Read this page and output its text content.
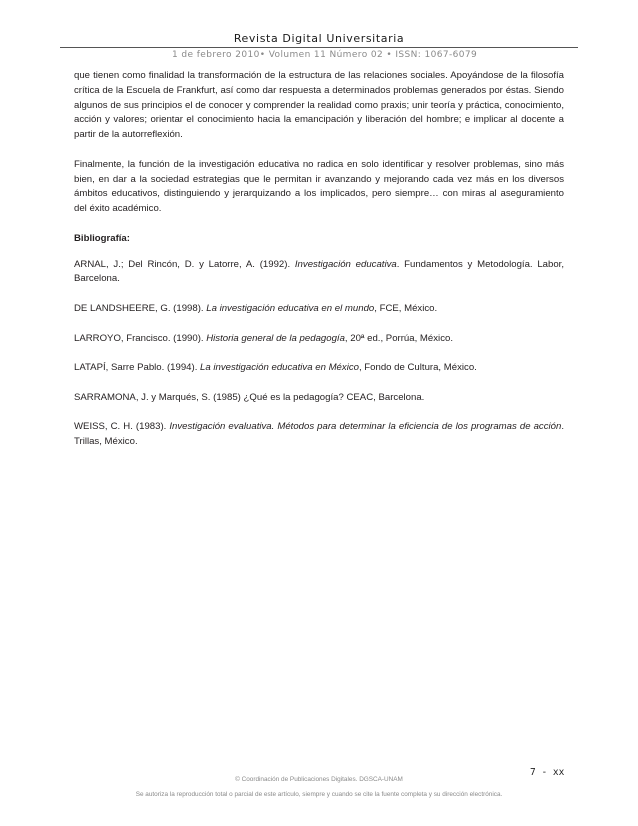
Revista Digital Universitaria
1 de febrero 2010• Volumen 11 Número 02 • ISSN: 1067-6079

que tienen como finalidad la transformación de la estructura de las relaciones sociales. Apoyándose de la filosofía crítica de la Escuela de Frankfurt, así como dar respuesta a determinados problemas generados por éstas. Siendo algunos de sus principios el de conocer y comprender la realidad como praxis; unir teoría y práctica, conocimiento, acción y valores; orientar el conocimiento hacia la emancipación y liberación del hombre; e implicar al docente a partir de la autorreflexión.

Finalmente, la función de la investigación educativa no radica en solo identificar y resolver problemas, sino más bien, en dar a la sociedad estrategias que le permitan ir avanzando y mejorando cada vez más en los diversos ámbitos educativos, distinguiendo y jerarquizando a los implicados, pero siempre… con miras al aseguramiento del éxito académico.

Bibliografía:

ARNAL, J.; Del Rincón, D. y Latorre, A. (1992). Investigación educativa. Fundamentos y Metodología. Labor, Barcelona.

DE LANDSHEERE, G. (1998). La investigación educativa en el mundo, FCE, México.

LARROYO, Francisco. (1990). Historia general de la pedagogía, 20ª ed., Porrúa, México.

LATAPÍ, Sarre Pablo. (1994). La investigación educativa en México, Fondo de Cultura, México.

SARRAMONA, J. y Marqués, S. (1985) ¿Qué es la pedagogía? CEAC, Barcelona.

WEISS, C. H. (1983). Investigación evaluativa. Métodos para determinar la eficiencia de los programas de acción. Trillas, México.

7 - xx
© Coordinación de Publicaciones Digitales. DGSCA-UNAM
Se autoriza la reproducción total o parcial de este artículo, siempre y cuando se cite la fuente completa y su dirección electrónica.
